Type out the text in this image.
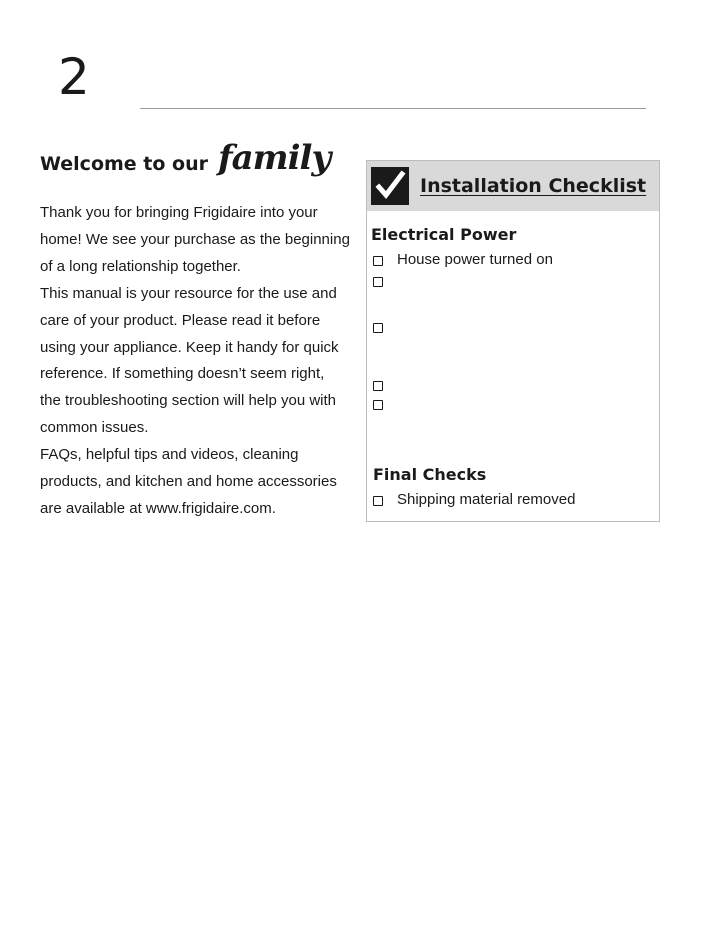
2
Welcome to our family
Thank you for bringing Frigidaire into your
home! We see your purchase as the beginning
of a long relationship together.
This manual is your resource for the use and
care of your product. Please read it before
using your appliance. Keep it handy for quick
reference. If something doesn’t seem right,
the troubleshooting section will help you with
common issues.
FAQs, helpful tips and videos, cleaning
products, and kitchen and home accessories
are available at www.frigidaire.com.
Installation Checklist
Electrical Power
House power turned on
Final Checks
Shipping material removed
